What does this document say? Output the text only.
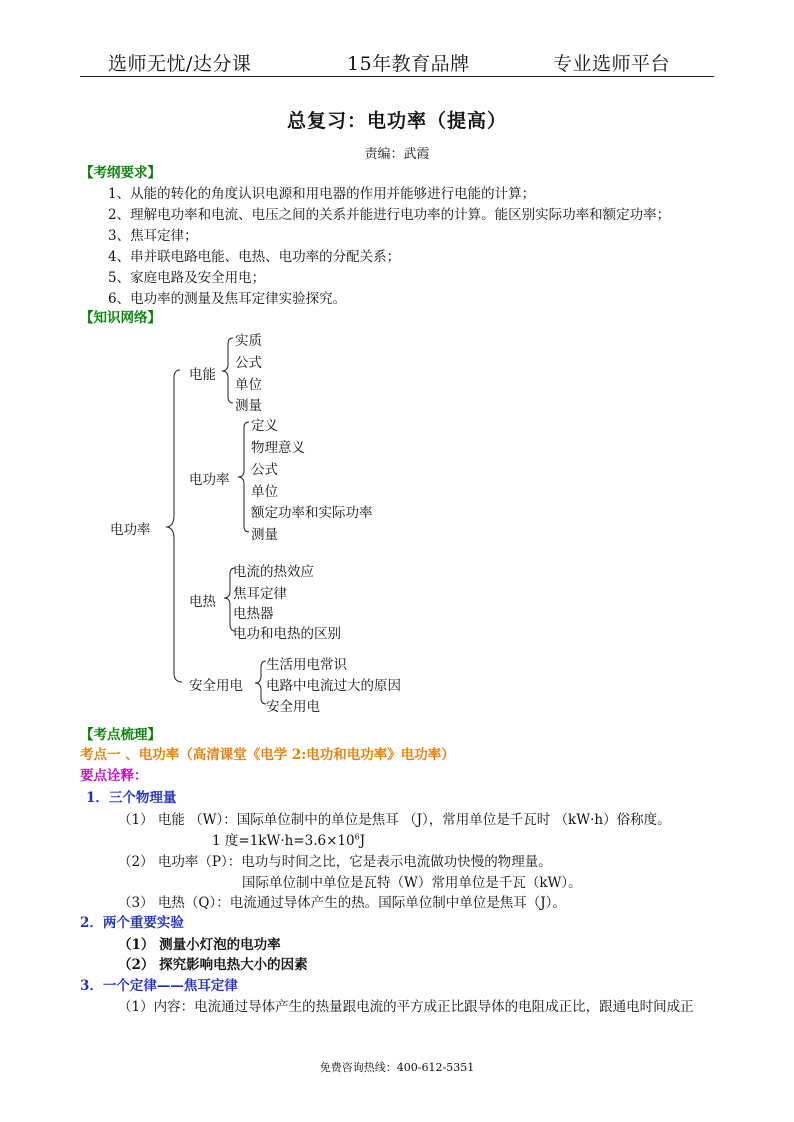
选师无忧/达分课	15年教育品牌	专业选师平台
总复习：电功率（提高）
责编：武霞
【考纲要求】
1、从能的转化的角度认识电源和用电器的作用并能够进行电能的计算；
2、理解电功率和电流、电压之间的关系并能进行电功率的计算。能区别实际功率和额定功率；
3、焦耳定律；
4、串并联电路电能、电热、电功率的分配关系；
5、家庭电路及安全用电；
6、电功率的测量及焦耳定律实验探究。
【知识网络】
电功率
电能
实质
公式
单位
测量
电功率
定义
物理意义
公式
单位
额定功率和实际功率
测量
电热
电流的热效应
焦耳定律
电热器
电功和电热的区别
安全用电
生活用电常识
电路中电流过大的原因
安全用电
【考点梳理】
考点一 、电功率（高清课堂《电学 2:电功和电功率》电功率）
要点诠释：
1．三个物理量
（1） 电能 （W）：国际单位制中的单位是焦耳 （J），常用单位是千瓦时 （kW·h）俗称度。
1 度$=1kW\cdot h=3.6\times 10^6J$
（2） 电功率（P）：电功与时间之比，它是表示电流做功快慢的物理量。
国际单位制中单位是瓦特（W）常用单位是千瓦（kW）。
（3） 电热（Q）：电流通过导体产生的热。国际单位制中单位是焦耳（J）。
2．两个重要实验
（1） 测量小灯泡的电功率
（2） 探究影响电热大小的因素
3．一个定律——焦耳定律
（1）内容：电流通过导体产生的热量跟电流的平方成正比跟导体的电阻成正比，跟通电时间成正
免费咨询热线：400-612-5351
